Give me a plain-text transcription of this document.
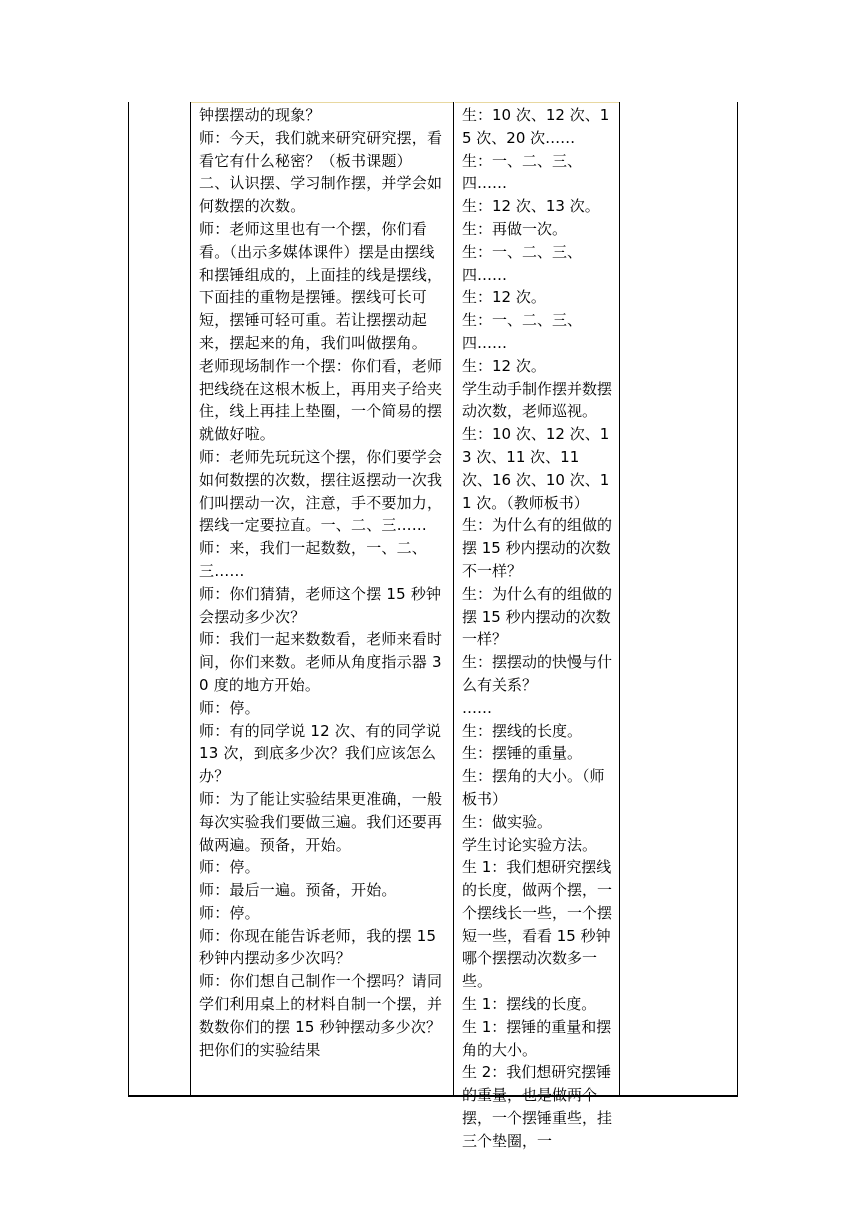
钟摆摆动的现象？

师：今天，我们就来研究研究摆，看看它有什么秘密？（板书课题）

二、认识摆、学习制作摆，并学会如何数摆的次数。

师：老师这里也有一个摆，你们看看。（出示多媒体课件）摆是由摆线和摆锤组成的，上面挂的线是摆线，下面挂的重物是摆锤。摆线可长可短，摆锤可轻可重。若让摆摆动起来，摆起来的角，我们叫做摆角。

老师现场制作一个摆：你们看，老师把线绕在这根木板上，再用夹子给夹住，线上再挂上垫圈，一个简易的摆就做好啦。

师：老师先玩玩这个摆，你们要学会如何数摆的次数，摆往返摆动一次我们叫摆动一次，注意，手不要加力，摆线一定要拉直。一、二、三……

师：来，我们一起数数，一、二、三……

师：你们猜猜，老师这个摆 15 秒钟会摆动多少次？

师：我们一起来数数看，老师来看时间，你们来数。老师从角度指示器 30 度的地方开始。

师：停。

师：有的同学说 12 次、有的同学说 13 次，到底多少次？我们应该怎么办？

师：为了能让实验结果更准确，一般每次实验我们要做三遍。我们还要再做两遍。预备，开始。

师：停。

师：最后一遍。预备，开始。

师：停。

师：你现在能告诉老师，我的摆 15 秒钟内摆动多少次吗？

师：你们想自己制作一个摆吗？请同学们利用桌上的材料自制一个摆，并数数你们的摆 15 秒钟摆动多少次？把你们的实验结果

生：10 次、12 次、15 次、20 次……

生：一、二、三、四……

生：12 次、13 次。

生：再做一次。

生：一、二、三、四……

生：12 次。

生：一、二、三、四……

生：12 次。

学生动手制作摆并数摆动次数，老师巡视。

生：10 次、12 次、13 次、11 次、11 次、16 次、10 次、11 次。（教师板书）

生：为什么有的组做的摆 15 秒内摆动的次数不一样？

生：为什么有的组做的摆 15 秒内摆动的次数一样？

生：摆摆动的快慢与什么有关系？

……

生：摆线的长度。

生：摆锤的重量。

生：摆角的大小。（师板书）

生：做实验。

学生讨论实验方法。

生 1：我们想研究摆线的长度，做两个摆，一个摆线长一些，一个摆短一些，看看 15 秒钟哪个摆摆动次数多一些。

生 1：摆线的长度。

生 1：摆锤的重量和摆角的大小。

生 2：我们想研究摆锤的重量，也是做两个摆，一个摆锤重些，挂三个垫圈，一
